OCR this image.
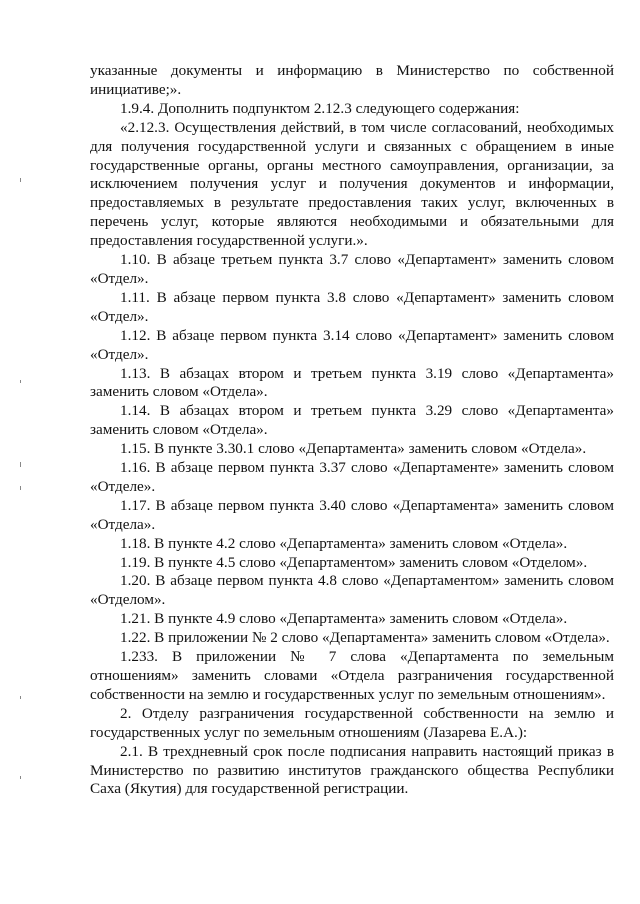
указанные документы и информацию в Министерство по собственной инициативе;».

1.9.4. Дополнить подпунктом 2.12.3 следующего содержания:

«2.12.3. Осуществления действий, в том числе согласований, необходимых для получения государственной услуги и связанных с обращением в иные государственные органы, органы местного самоуправления, организации, за исключением получения услуг и получения документов и информации, предоставляемых в результате предоставления таких услуг, включенных в перечень услуг, которые являются необходимыми и обязательными для предоставления государственной услуги.».

1.10. В абзаце третьем пункта 3.7 слово «Департамент» заменить словом «Отдел».

1.11. В абзаце первом пункта 3.8 слово «Департамент» заменить словом «Отдел».

1.12. В абзаце первом пункта 3.14 слово «Департамент» заменить словом «Отдел».

1.13. В абзацах втором и третьем пункта 3.19 слово «Департамента» заменить словом «Отдела».

1.14. В абзацах втором и третьем пункта 3.29 слово «Департамента» заменить словом «Отдела».

1.15. В пункте 3.30.1 слово «Департамента» заменить словом «Отдела».

1.16. В абзаце первом пункта 3.37 слово «Департаменте» заменить словом «Отделе».

1.17. В абзаце первом пункта 3.40 слово «Департамента» заменить словом «Отдела».

1.18. В пункте 4.2 слово «Департамента» заменить словом «Отдела».

1.19. В пункте 4.5 слово «Департаментом» заменить словом «Отделом».

1.20. В абзаце первом пункта 4.8 слово «Департаментом» заменить словом «Отделом».

1.21. В пункте 4.9 слово «Департамента» заменить словом «Отдела».

1.22. В приложении № 2 слово «Департамента» заменить словом «Отдела».

1.233. В приложении № 7 слова «Департамента по земельным отношениям» заменить словами «Отдела разграничения государственной собственности на землю и государственных услуг по земельным отношениям».

2. Отделу разграничения государственной собственности на землю и государственных услуг по земельным отношениям (Лазарева Е.А.):

2.1. В трехдневный срок после подписания направить настоящий приказ в Министерство по развитию институтов гражданского общества Республики Саха (Якутия) для государственной регистрации.
